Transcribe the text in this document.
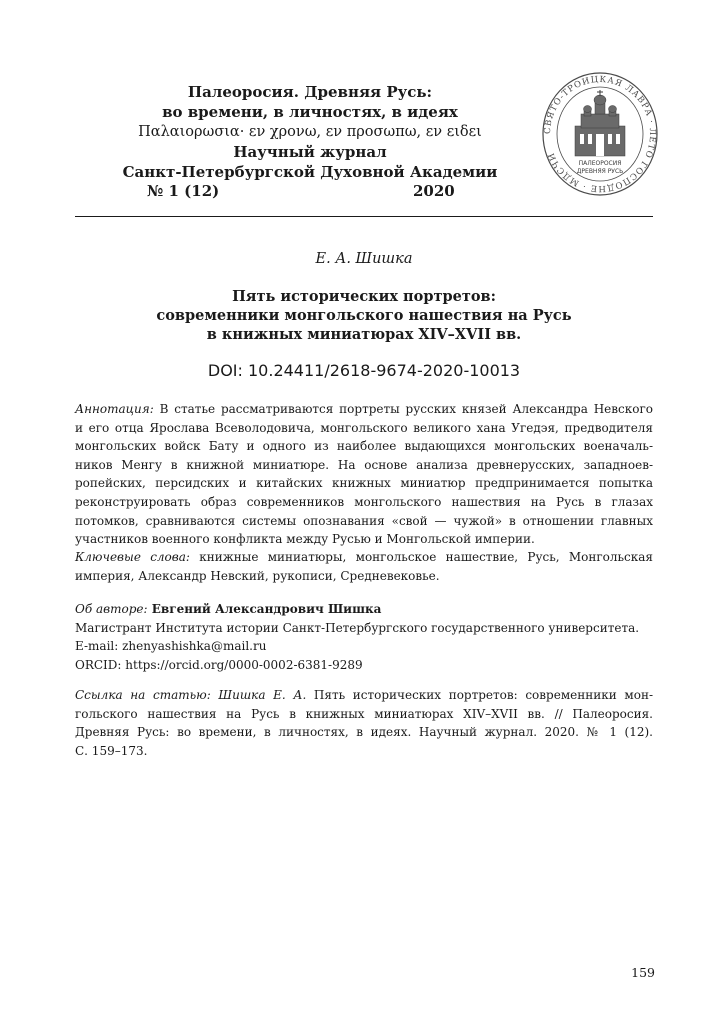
Палеоросия. Древняя Русь:
во времени, в личностях, в идеях
Παλαιορωσια· εν χρονω, εν προσωπω, εν ειδει
Научный журнал
Санкт-Петербургской Духовной Академии
№ 1 (12)	2020
СВЯТО-ТРОИЦКАЯ ЛАВРА · ЛЕТО ГОСПОДНЕ · МДСЧИ
ПАЛЕОРОСИЯ
ДРЕВНЯЯ РУСЬ
Е. А. Шишка
Пять исторических портретов:
современники монгольского нашествия на Русь
в книжных миниатюрах XIV–XVII вв.
DOI: 10.24411/2618-9674-2020-10013
Аннотация: В статье рассматриваются портреты русских князей Александра Невского
и его отца Ярослава Всеволодовича, монгольского великого хана Угедэя, предводителя
монгольских войск Бату и одного из наиболее выдающихся монгольских военачаль-
ников Менгу в книжной миниатюре. На основе анализа древнерусских, западноев-
ропейских, персидских и китайских книжных миниатюр предпринимается попытка
реконструировать образ современников монгольского нашествия на Русь в глазах
потомков, сравниваются системы опознавания «свой — чужой» в отношении главных
участников военного конфликта между Русью и Монгольской империи.
Ключевые слова: книжные миниатюры, монгольское нашествие, Русь, Монгольская
империя, Александр Невский, рукописи, Средневековье.
Об авторе: Евгений Александрович Шишка
Магистрант Института истории Санкт-Петербургского государственного университета.
E-mail: zhenyashishka@mail.ru
ORCID: https://orcid.org/0000-0002-6381-9289
Ссылка на статью: Шишка Е. А. Пять исторических портретов: современники мон-
гольского нашествия на Русь в книжных миниатюрах XIV–XVII вв. // Палеоросия.
Древняя Русь: во времени, в личностях, в идеях. Научный журнал. 2020. № 1 (12).
С. 159–173.
159
